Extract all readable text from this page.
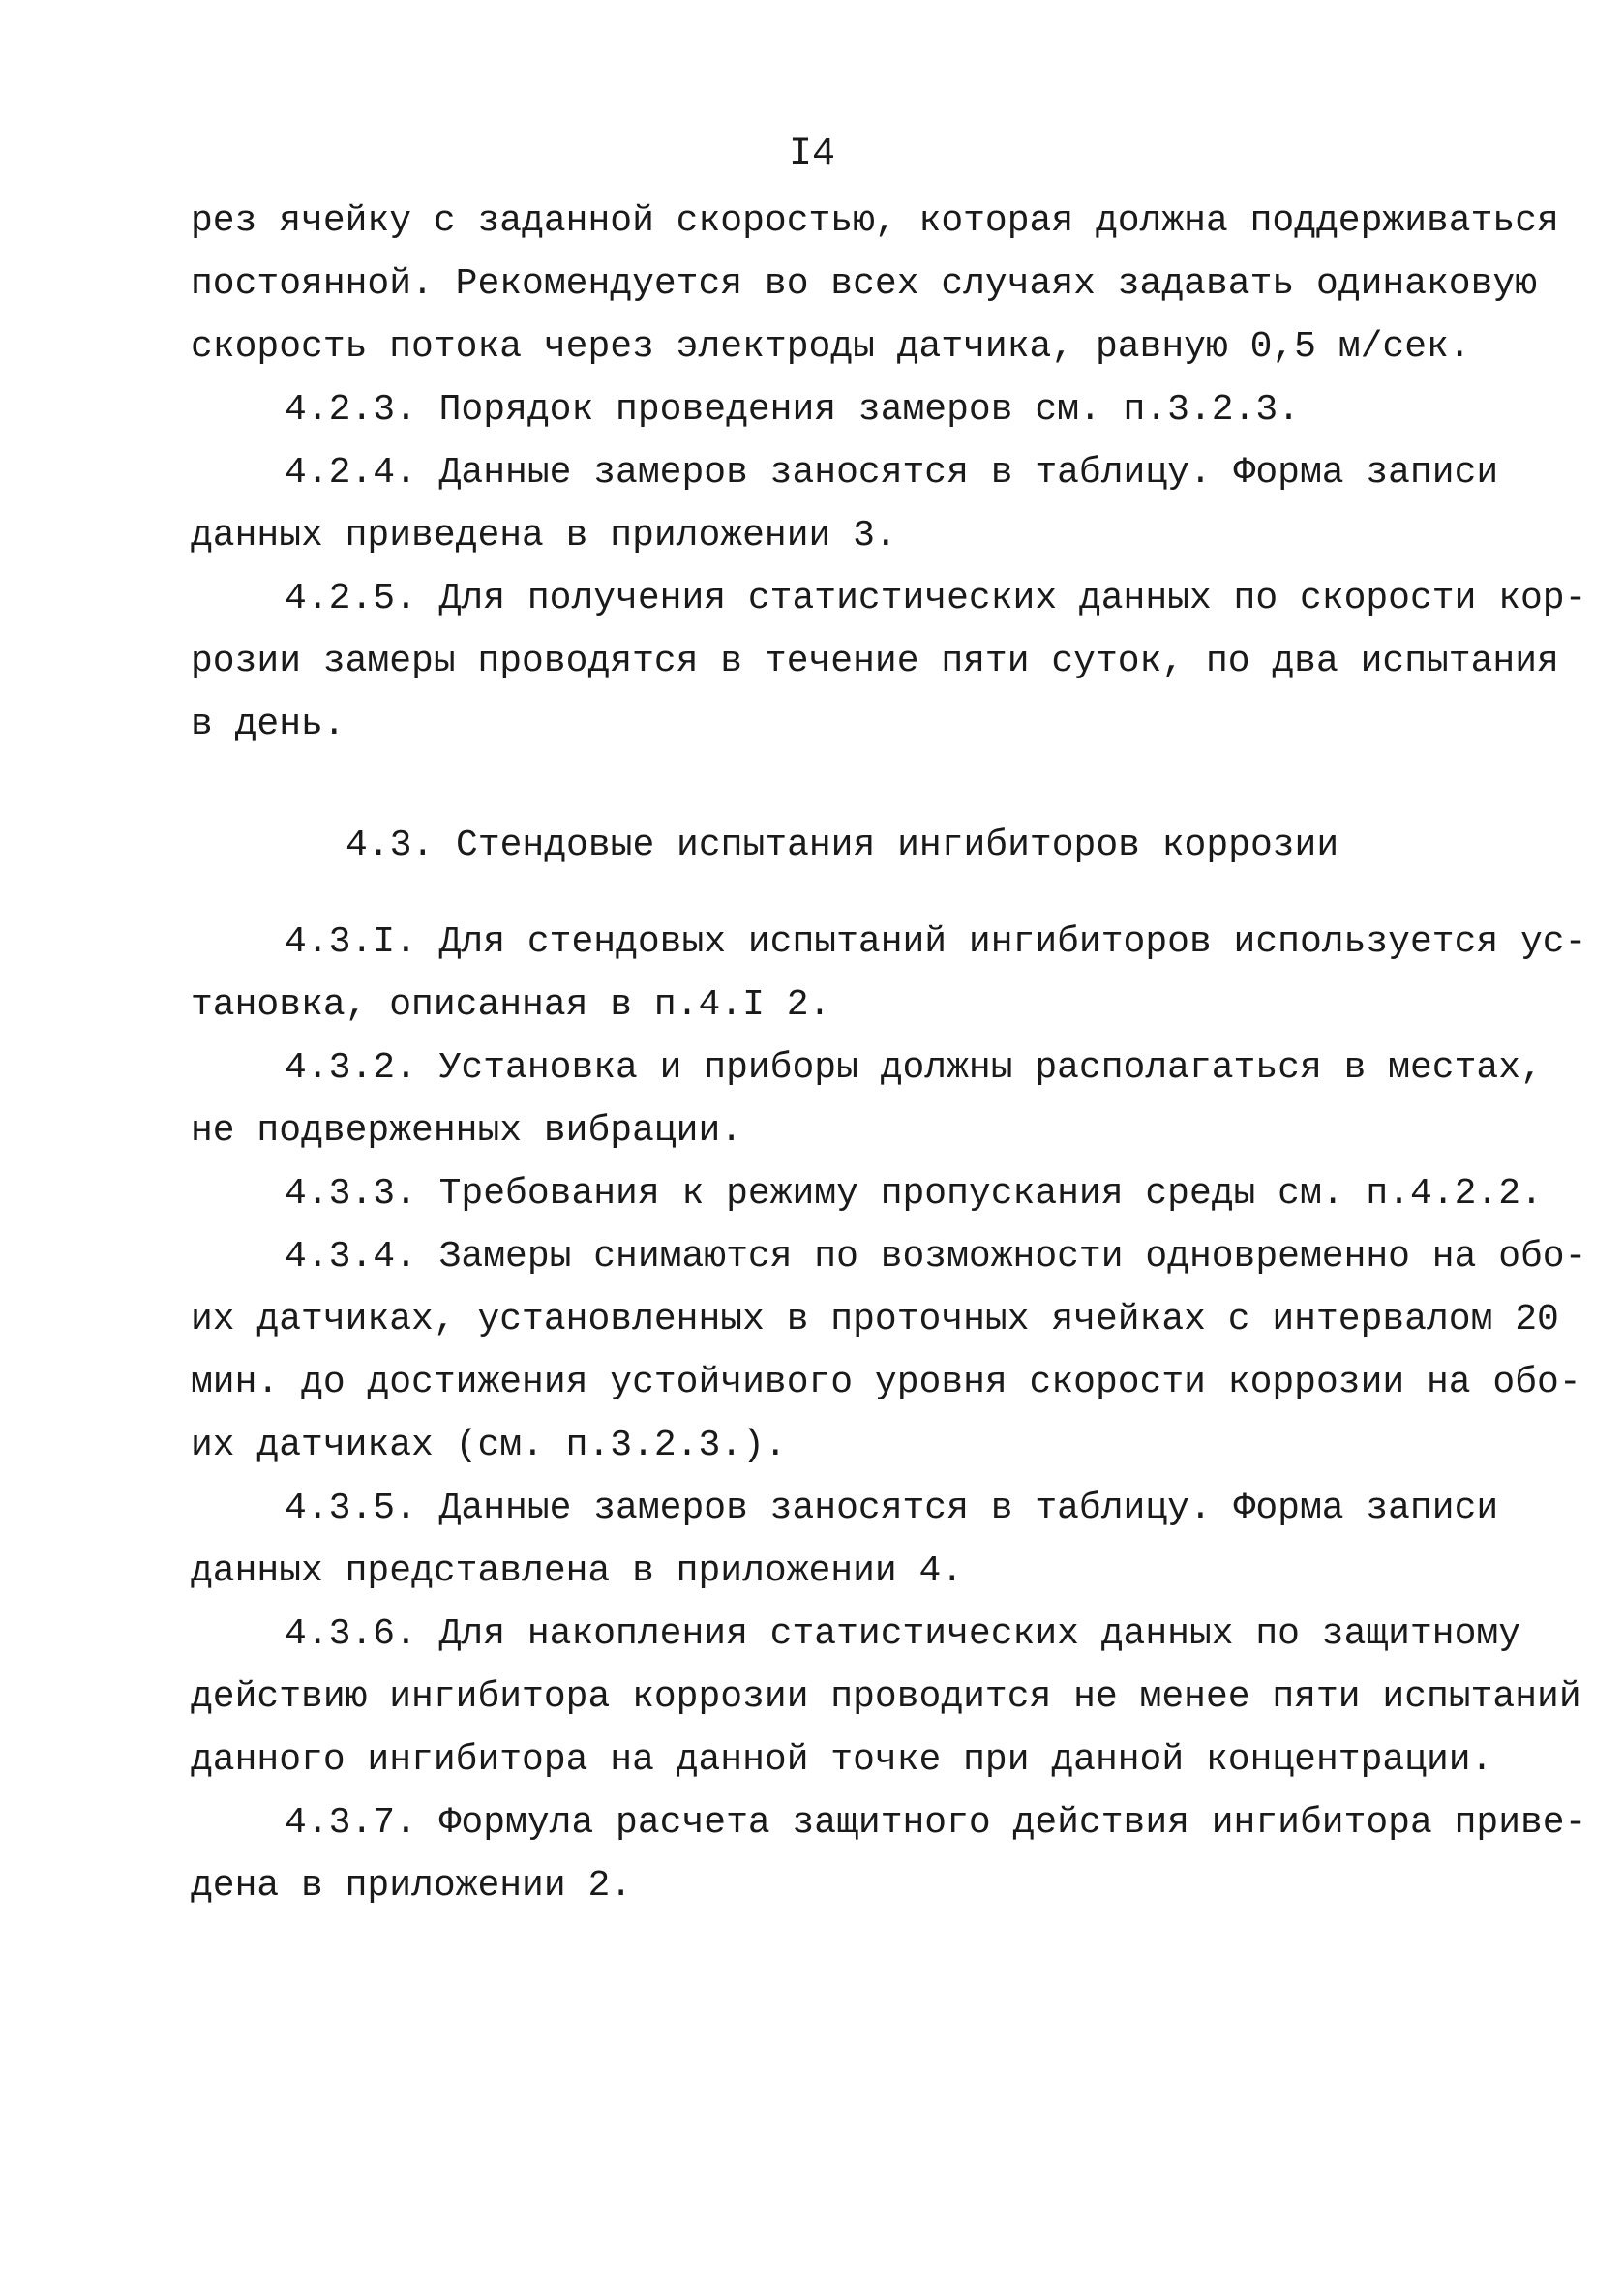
I4
рез ячейку с заданной скоростью, которая должна поддерживаться
постоянной. Рекомендуется во всех случаях задавать одинаковую
скорость потока через электроды датчика, равную 0,5 м/сек.
4.2.3. Порядок проведения замеров см. п.3.2.3.
4.2.4. Данные замеров заносятся в таблицу. Форма записи
данных приведена в приложении 3.
4.2.5. Для получения статистических данных по скорости кор-
розии замеры проводятся в течение пяти суток, по два испытания
в день.
4.3. Стендовые испытания ингибиторов коррозии
4.3.I. Для стендовых испытаний ингибиторов используется ус-
тановка, описанная в п.4.I 2.
4.3.2. Установка и приборы должны располагаться в местах,
не подверженных вибрации.
4.3.3. Требования к режиму пропускания среды см. п.4.2.2.
4.3.4. Замеры снимаются по возможности одновременно на обо-
их датчиках, установленных в проточных ячейках с интервалом 20
мин. до достижения устойчивого уровня скорости коррозии на обо-
их датчиках (см. п.3.2.3.).
4.3.5. Данные замеров заносятся в таблицу. Форма записи
данных представлена в приложении 4.
4.3.6. Для накопления статистических данных по защитному
действию ингибитора коррозии проводится не менее пяти испытаний
данного ингибитора на данной точке при данной концентрации.
4.3.7. Формула расчета защитного действия ингибитора приве-
дена в приложении 2.
